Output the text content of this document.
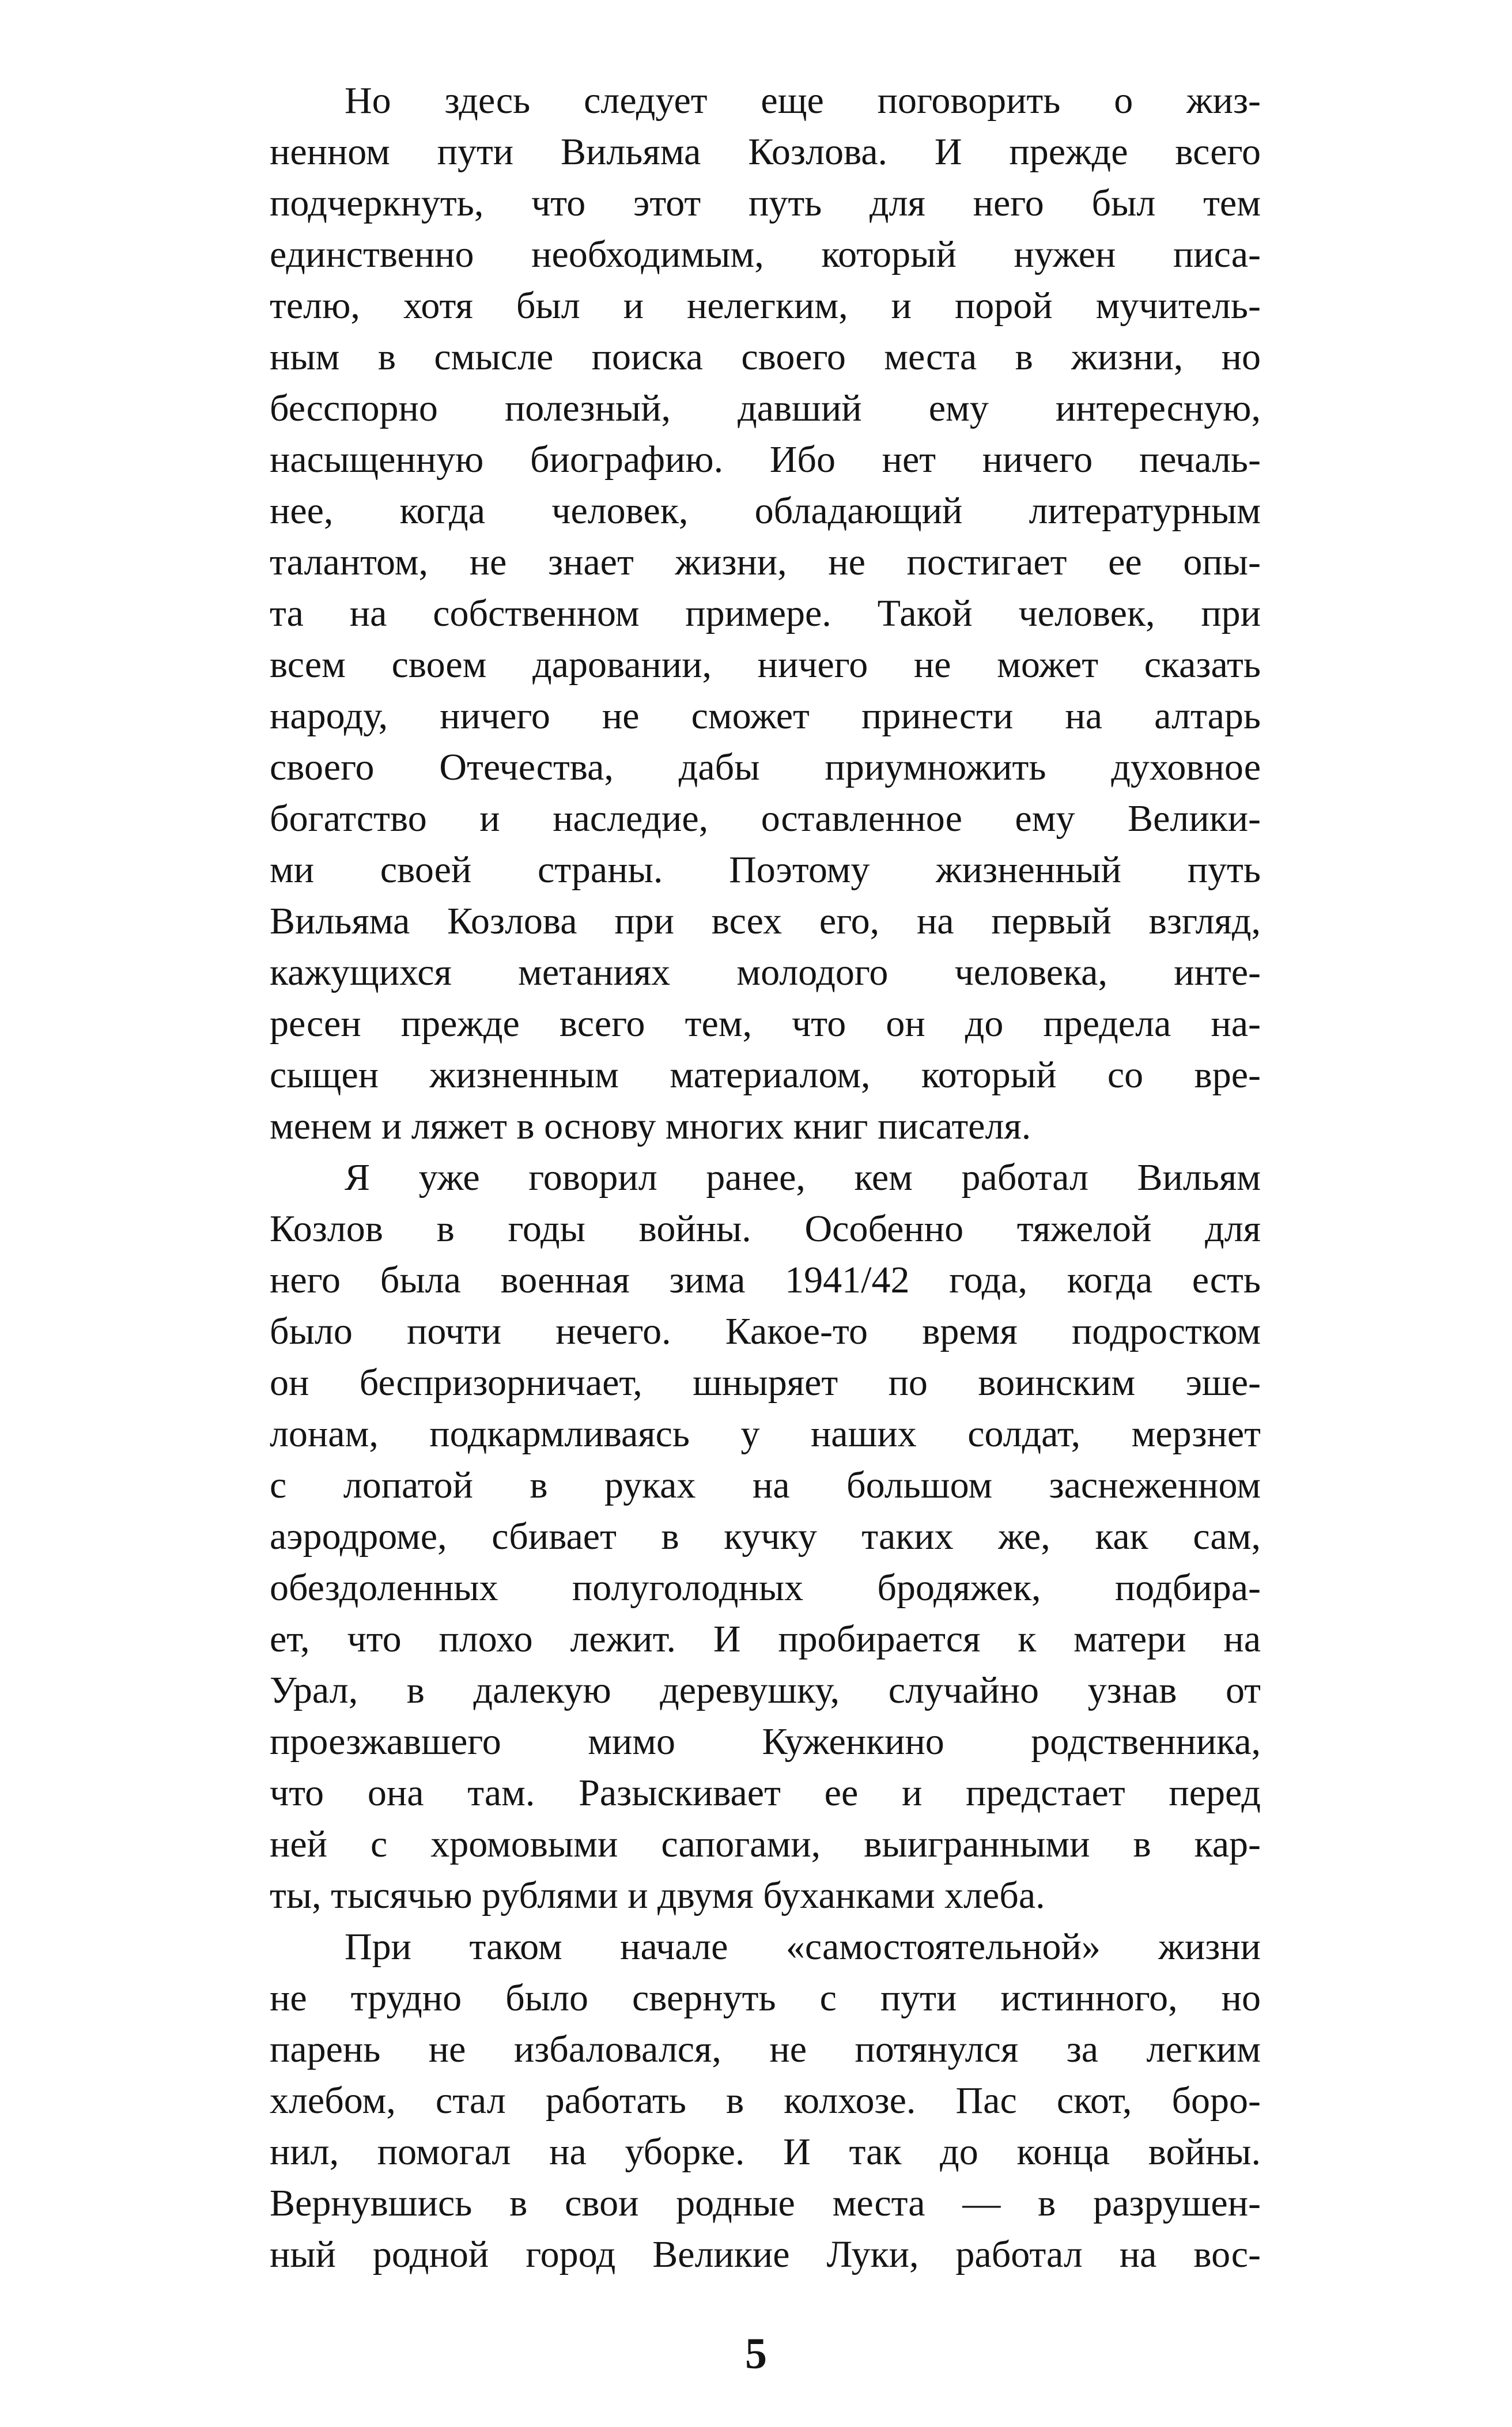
Но здесь следует еще поговорить о жиз-
ненном пути Вильяма Козлова. И прежде всего
подчеркнуть, что этот путь для него был тем
единственно необходимым, который нужен писа-
телю, хотя был и нелегким, и порой мучитель-
ным в смысле поиска своего места в жизни, но
бесспорно полезный, давший ему интересную,
насыщенную биографию. Ибо нет ничего печаль-
нее, когда человек, обладающий литературным
талантом, не знает жизни, не постигает ее опы-
та на собственном примере. Такой человек, при
всем своем даровании, ничего не может сказать
народу, ничего не сможет принести на алтарь
своего Отечества, дабы приумножить духовное
богатство и наследие, оставленное ему Велики-
ми своей страны. Поэтому жизненный путь
Вильяма Козлова при всех его, на первый взгляд,
кажущихся метаниях молодого человека, инте-
ресен прежде всего тем, что он до предела на-
сыщен жизненным материалом, который со вре-
менем и ляжет в основу многих книг писателя.
Я уже говорил ранее, кем работал Вильям
Козлов в годы войны. Особенно тяжелой для
него была военная зима 1941/42 года, когда есть
было почти нечего. Какое-то время подростком
он беспризорничает, шныряет по воинским эше-
лонам, подкармливаясь у наших солдат, мерзнет
с лопатой в руках на большом заснеженном
аэродроме, сбивает в кучку таких же, как сам,
обездоленных полуголодных бродяжек, подбира-
ет, что плохо лежит. И пробирается к матери на
Урал, в далекую деревушку, случайно узнав от
проезжавшего мимо Куженкино родственника,
что она там. Разыскивает ее и предстает перед
ней с хромовыми сапогами, выигранными в кар-
ты, тысячью рублями и двумя буханками хлеба.
При таком начале «самостоятельной» жизни
не трудно было свернуть с пути истинного, но
парень не избаловался, не потянулся за легким
хлебом, стал работать в колхозе. Пас скот, боро-
нил, помогал на уборке. И так до конца войны.
Вернувшись в свои родные места — в разрушен-
ный родной город Великие Луки, работал на вос-
5
